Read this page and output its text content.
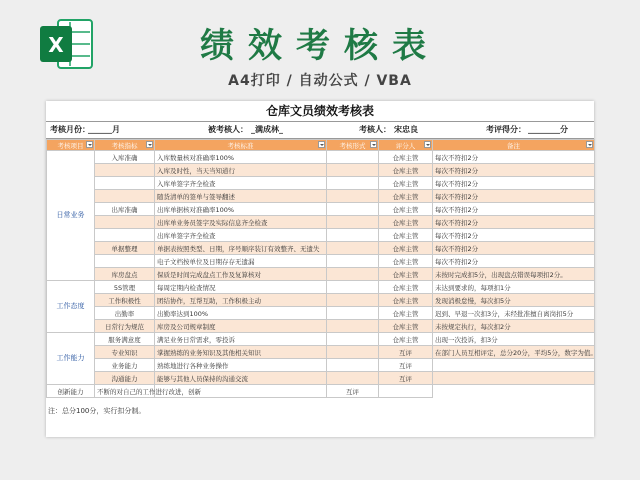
X	绩效考核表
A4打印 / 自动公式 / VBA
仓库文员绩效考核表
考核月份：
______月	被考核人： _满成林_	考核人： 宋忠良	考评得分： ________分
考核项目	考核指标	考核标准	考核形式	评分人	备注

日常业务	入库准确	入库数量核对准确率100%		仓库主管	每次不符扣2分
		入库及时性，当天当知道行		仓库主管	每次不符扣2分
		入库单签字齐全检查		仓库主管	每次不符扣2分
		随货清单的签单与签导翻述		仓库主管	每次不符扣2分
	出库准确	出库单据核对准确率100%		仓库主管	每次不符扣2分
		出库单业务员签字及实际信息齐全检查		仓库主管	每次不符扣2分
		出库单签字齐全检查		仓库主管	每次不符扣2分
	单据整理	单据表按照类型、日期，序号顺序装订有效整齐、无遗失		仓库主管	每次不符扣2分
		电子文档按单位及日期存存无遗漏		仓库主管	每次不符扣2分
	库房盘点	保质是时间完成盘点工作及复算核对		仓库主管	未按时完成扣5分，出现盘点错误每项扣2分。
工作态度	5S管理	每周定期内检查情况		仓库主管	未达到要求的，每项扣1分
	工作积极性	团结协作，互帮互助，工作积极主动		仓库主管	发现消极怠慢，每次扣5分
	出勤率	出勤率达到100%		仓库主管	迟到、早退一次扣3分，未经批准擅自离岗扣5分
	日常行为规范	库房及公司规章制度		仓库主管	未按规定执行，每次扣2分
工作能力	服务满意度	满足业务日常需求，零投诉		仓库主管	出现一次投诉，扣3分
	专业知识	掌握熟练的业务知识及其他相关知识		互评	在部门人员互相评定，总分20分，平均5分，数字为值。
	业务能力	熟练地进行各种业务操作		互评	
	沟通能力	能够与其他人员保持的沟通交流		互评	
创新能力	不断的对自己的工作进行改进，创新		互评		
注：总分100分，实行扣分制。
